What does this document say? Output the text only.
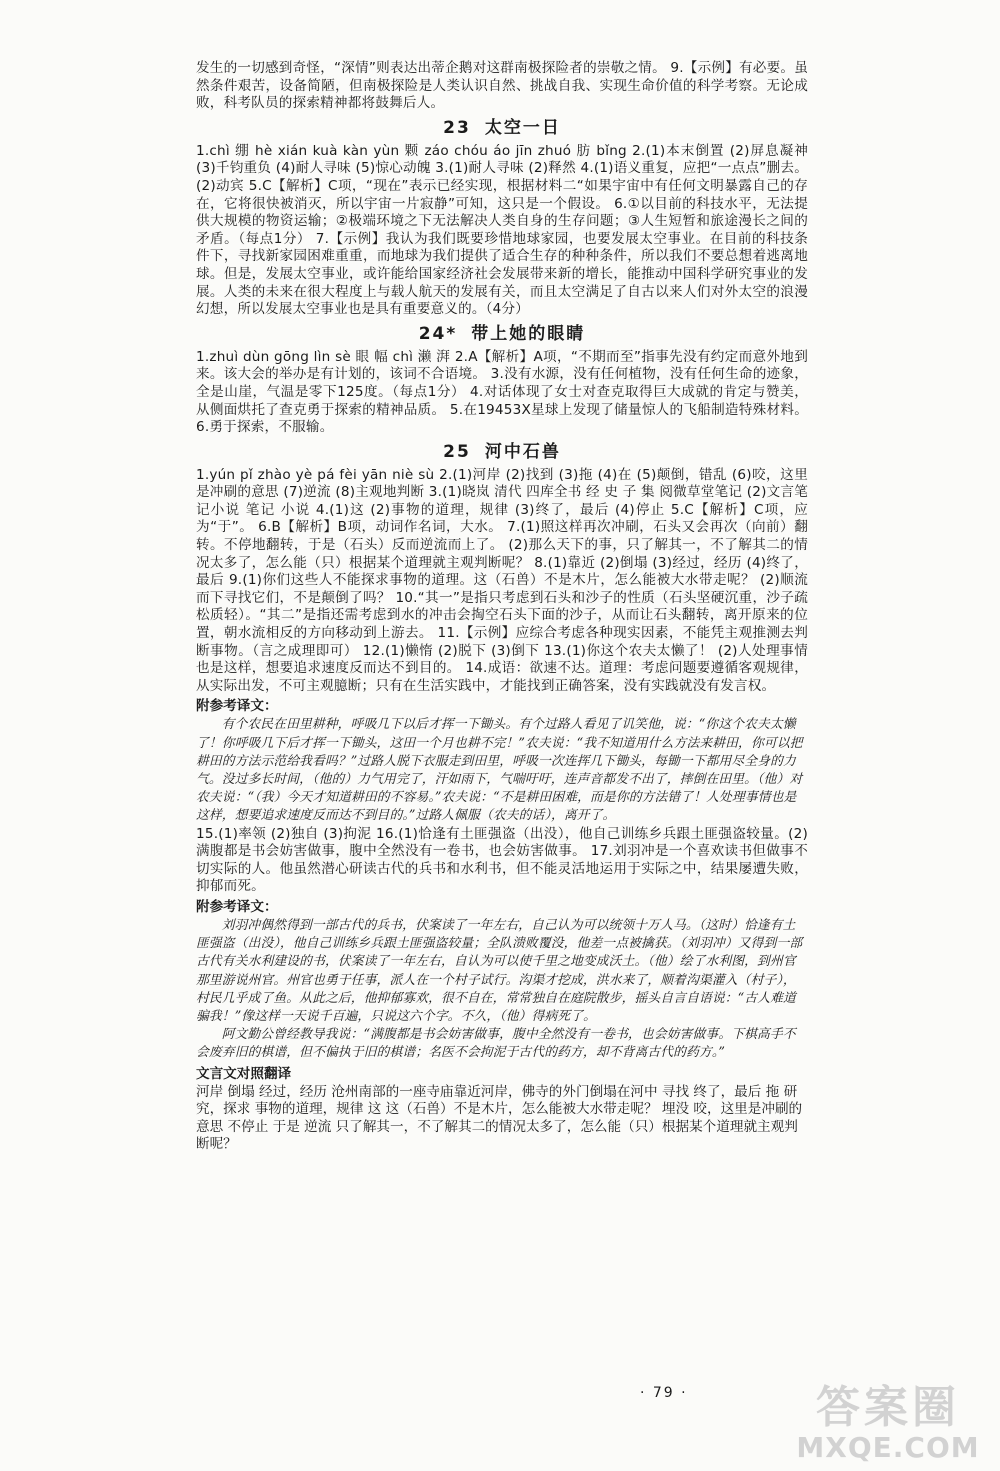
发生的一切感到奇怪，“深情”则表达出蒂企鹅对这群南极探险者的崇敬之情。 9.【示例】有必要。虽然条件艰苦，设备简陋，但南极探险是人类认识自然、挑战自我、实现生命价值的科学考察。无论成败，科考队员的探索精神都将鼓舞后人。

23 太空一日

1.chì 绷 hè xián kuà kàn yùn 颗 záo chóu áo jīn zhuó 肪 bǐng 2.(1)本末倒置 (2)屏息凝神 (3)千钧重负 (4)耐人寻味 (5)惊心动魄 3.(1)耐人寻味 (2)释然 4.(1)语义重复，应把“一点点”删去。(2)动宾 5.C【解析】C项，“现在”表示已经实现，根据材料二“如果宇宙中有任何文明暴露自己的存在，它将很快被消灭，所以宇宙一片寂静”可知，这只是一个假设。 6.①以目前的科技水平，无法提供大规模的物资运输；②极端环境之下无法解决人类自身的生存问题；③人生短暂和旅途漫长之间的矛盾。（每点1分） 7.【示例】我认为我们既要珍惜地球家园，也要发展太空事业。在目前的科技条件下，寻找新家园困难重重，而地球为我们提供了适合生存的种种条件，所以我们不要总想着逃离地球。但是，发展太空事业，或许能给国家经济社会发展带来新的增长，能推动中国科学研究事业的发展。人类的未来在很大程度上与载人航天的发展有关，而且太空满足了自古以来人们对外太空的浪漫幻想，所以发展太空事业也是具有重要意义的。（4分）

24* 带上她的眼睛

1.zhuì dùn gōng lìn sè 眼 幅 chì 濑 湃 2.A【解析】A项，“不期而至”指事先没有约定而意外地到来。该大会的举办是有计划的，该词不合语境。 3.没有水源，没有任何植物，没有任何生命的迹象，全是山崖，气温是零下125度。（每点1分） 4.对话体现了女士对查克取得巨大成就的肯定与赞美，从侧面烘托了查克勇于探索的精神品质。 5.在19453X星球上发现了储量惊人的飞船制造特殊材料。 6.勇于探索，不服输。

25 河中石兽

1.yún pǐ zhào yè pá fèi yān niè sù 2.(1)河岸 (2)找到 (3)拖 (4)在 (5)颠倒，错乱 (6)咬，这里是冲刷的意思 (7)逆流 (8)主观地判断 3.(1)晓岚 清代 四库全书 经 史 子 集 阅微草堂笔记 (2)文言笔记小说 笔记 小说 4.(1)这 (2)事物的道理，规律 (3)终了，最后 (4)停止 5.C【解析】C项，应为“于”。 6.B【解析】B项，动词作名词，大水。 7.(1)照这样再次冲刷，石头又会再次（向前）翻转。不停地翻转，于是（石头）反而逆流而上了。 (2)那么天下的事，只了解其一，不了解其二的情况太多了，怎么能（只）根据某个道理就主观判断呢？ 8.(1)靠近 (2)倒塌 (3)经过，经历 (4)终了，最后 9.(1)你们这些人不能探求事物的道理。这（石兽）不是木片，怎么能被大水带走呢？ (2)顺流而下寻找它们，不是颠倒了吗？ 10.“其一”是指只考虑到石头和沙子的性质（石头坚硬沉重，沙子疏松质轻）。“其二”是指还需考虑到水的冲击会掏空石头下面的沙子，从而让石头翻转，离开原来的位置，朝水流相反的方向移动到上游去。 11.【示例】应综合考虑各种现实因素，不能凭主观推测去判断事物。（言之成理即可） 12.(1)懒惰 (2)脱下 (3)倒下 13.(1)你这个农夫太懒了！ (2)人处理事情也是这样，想要追求速度反而达不到目的。 14.成语：欲速不达。道理：考虑问题要遵循客观规律，从实际出发，不可主观臆断；只有在生活实践中，才能找到正确答案，没有实践就没有发言权。

附参考译文：

有个农民在田里耕种，呼吸几下以后才挥一下锄头。有个过路人看见了讥笑他，说：“你这个农夫太懒了！你呼吸几下后才挥一下锄头，这田一个月也耕不完！”农夫说：“我不知道用什么方法来耕田，你可以把耕田的方法示范给我看吗？”过路人脱下衣服走到田里，呼吸一次连挥几下锄头，每锄一下都用尽全身的力气。没过多长时间，（他的）力气用完了，汗如雨下，气喘吁吁，连声音都发不出了，摔倒在田里。（他）对农夫说：“（我）今天才知道耕田的不容易。”农夫说：“不是耕田困难，而是你的方法错了！人处理事情也是这样，想要追求速度反而达不到目的。”过路人佩服（农夫的话），离开了。

15.(1)率领 (2)独自 (3)拘泥 16.(1)恰逢有土匪强盗（出没），他自己训练乡兵跟土匪强盗较量。(2)满腹都是书会妨害做事，腹中全然没有一卷书，也会妨害做事。 17.刘羽冲是一个喜欢读书但做事不切实际的人。他虽然潜心研读古代的兵书和水利书，但不能灵活地运用于实际之中，结果屡遭失败，抑郁而死。

附参考译文：

刘羽冲偶然得到一部古代的兵书，伏案读了一年左右，自己认为可以统领十万人马。（这时）恰逢有土匪强盗（出没），他自己训练乡兵跟土匪强盗较量；全队溃败覆没，他差一点被擒获。（刘羽冲）又得到一部古代有关水利建设的书，伏案读了一年左右，自认为可以使千里之地变成沃土。（他）绘了水利图，到州官那里游说州官。州官也勇于任事，派人在一个村子试行。沟渠才挖成，洪水来了，顺着沟渠灌入（村子），村民几乎成了鱼。从此之后，他抑郁寡欢，很不自在，常常独自在庭院散步，摇头自言自语说：“古人难道骗我！”像这样一天说千百遍，只说这六个字。不久，（他）得病死了。

阿文勤公曾经教导我说：“满腹都是书会妨害做事，腹中全然没有一卷书，也会妨害做事。下棋高手不会废弃旧的棋谱，但不偏执于旧的棋谱；名医不会拘泥于古代的药方，却不背离古代的药方。”

文言文对照翻译

河岸 倒塌 经过，经历 沧州南部的一座寺庙靠近河岸，佛寺的外门倒塌在河中 寻找 终了，最后 拖 研究，探求 事物的道理，规律 这 这（石兽）不是木片，怎么能被大水带走呢？ 埋没 咬，这里是冲刷的意思 不停止 于是 逆流 只了解其一，不了解其二的情况太多了，怎么能（只）根据某个道理就主观判断呢？

· 79 ·	答案圈
MXQE.COM
